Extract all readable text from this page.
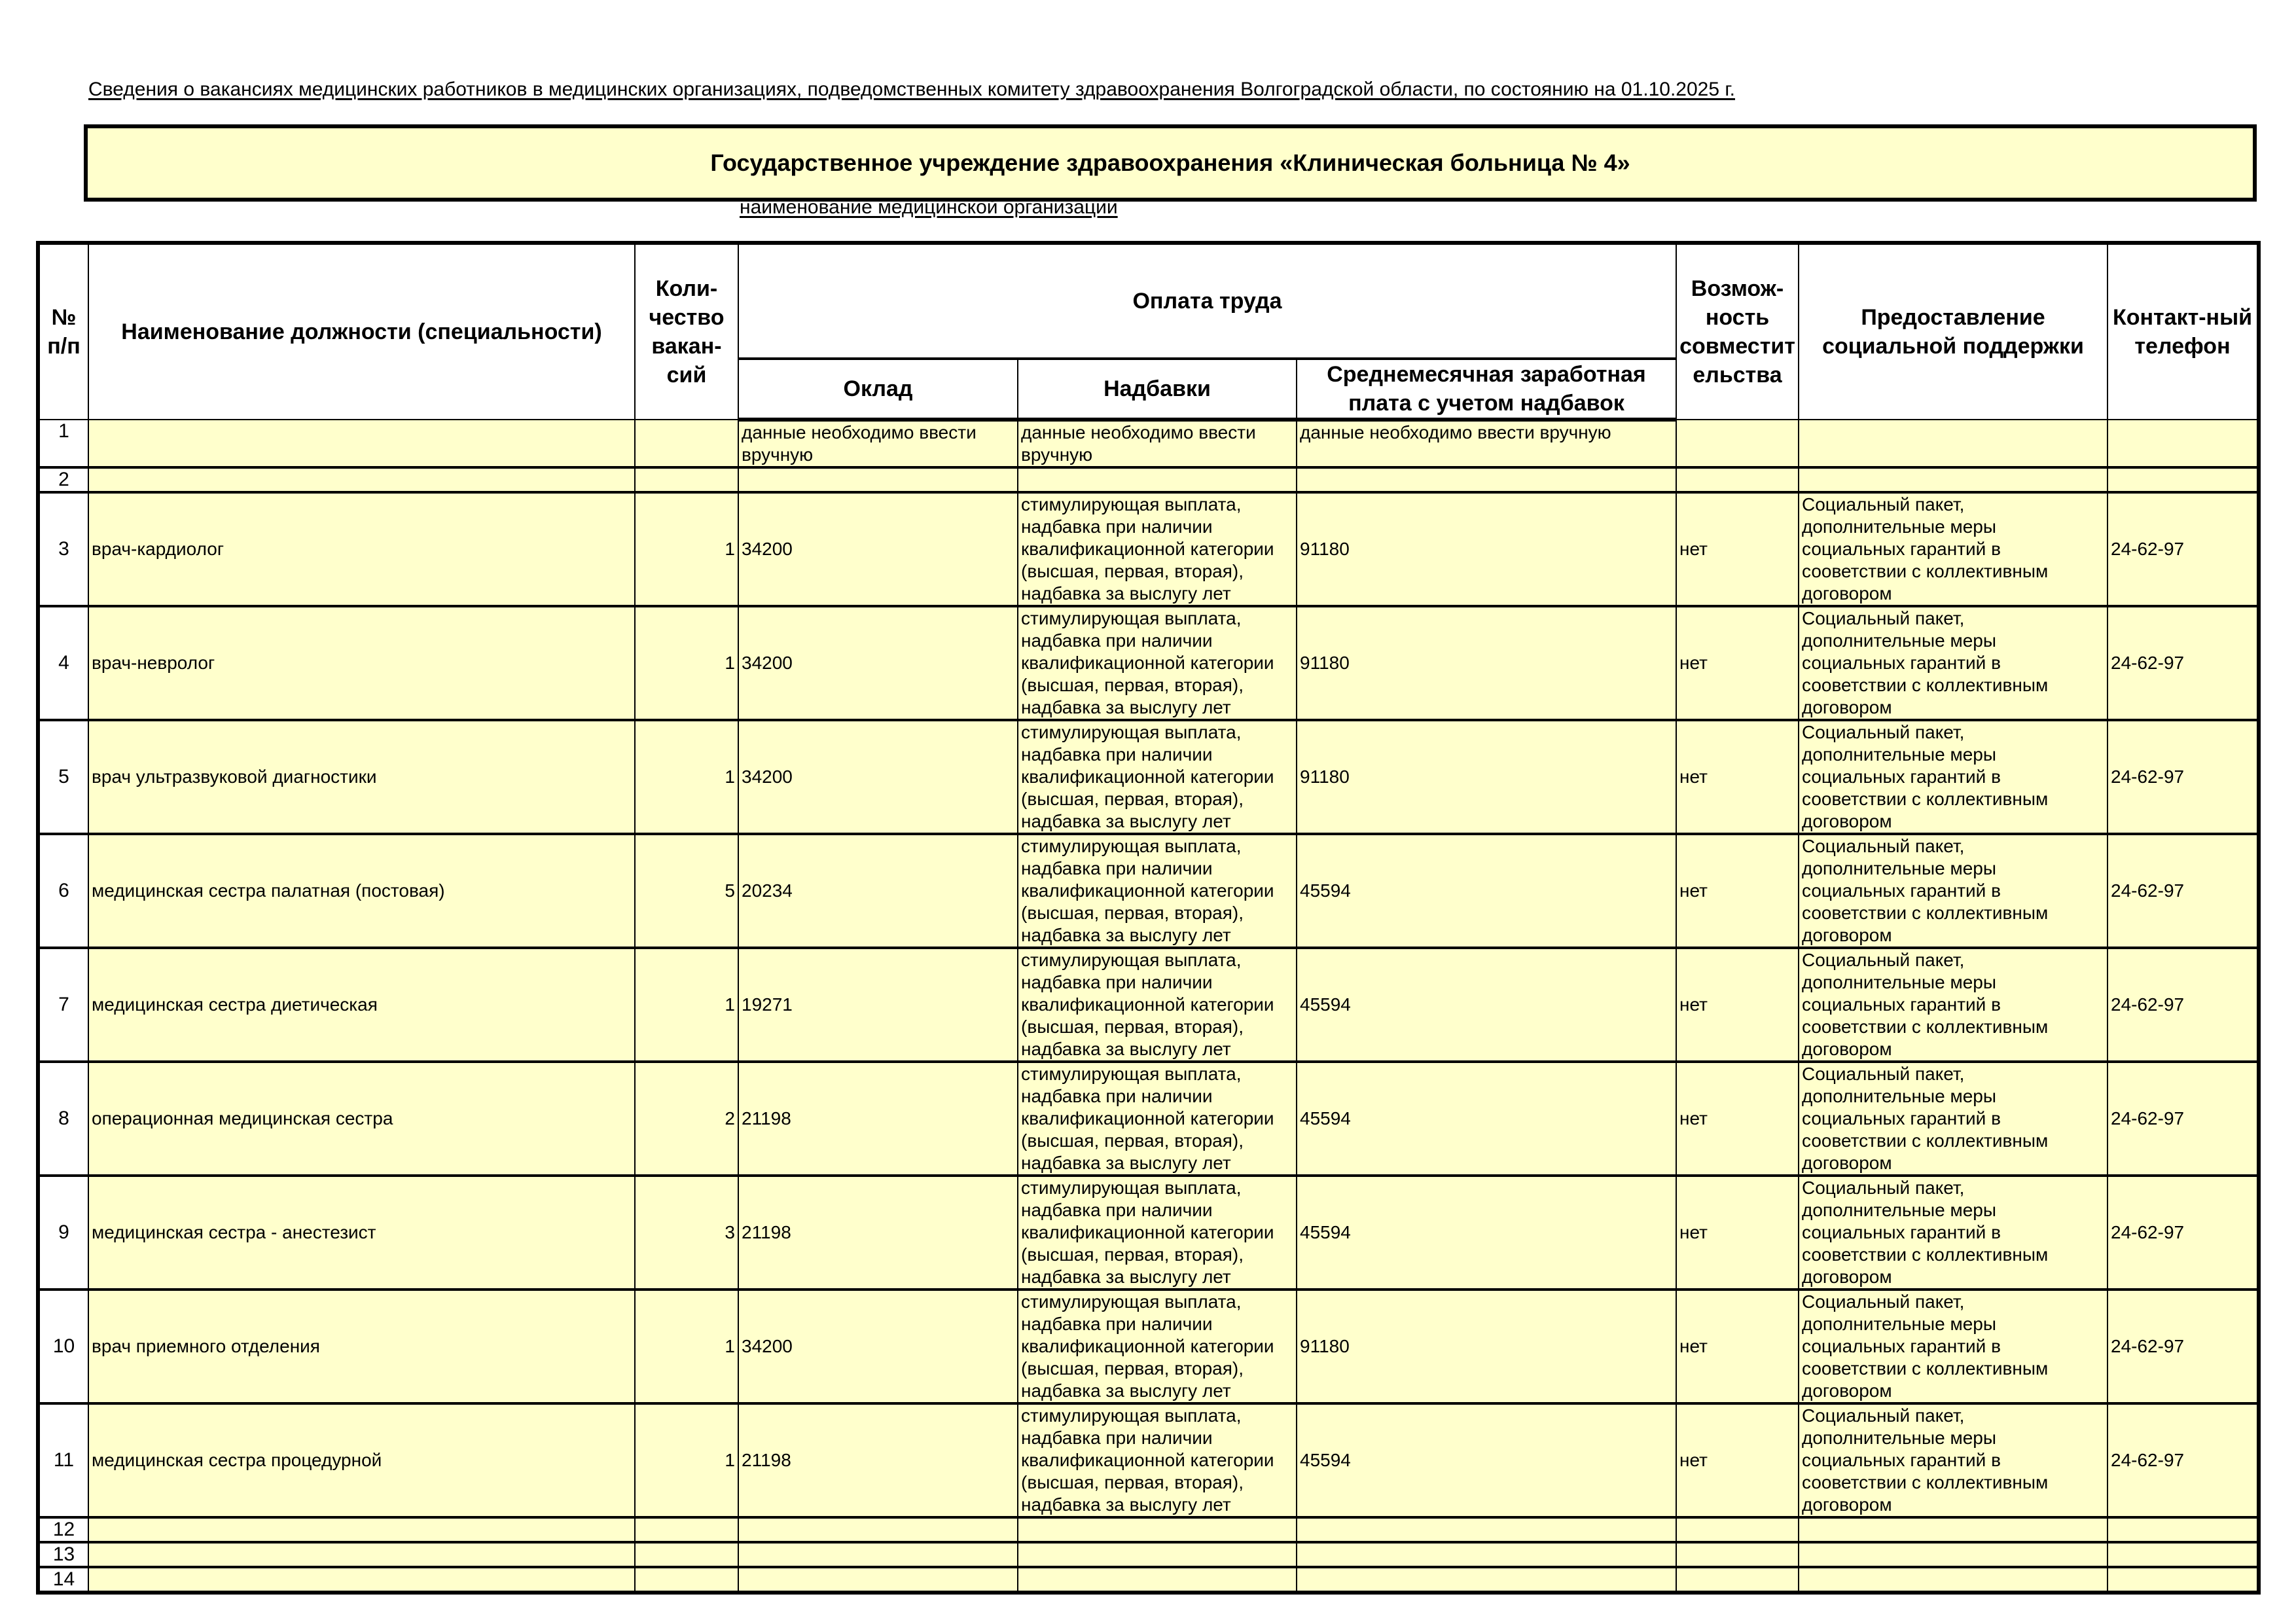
Сведения о вакансиях медицинских работников в медицинских организациях, подведомственных комитету здравоохранения Волгоградской области, по состоянию на 01.10.2025 г.
Государственное учреждение здравоохранения «Клиническая больница № 4»
наименование медицинской организации
№ п/п	Наименование должности (специальности)	Коли-чество вакан-сий	Оплата труда			Возмож-ность совместит ельства	Предоставление социальной поддержки	Контакт-ный телефон
			Оклад	Надбавки	Среднемесячная заработная плата с учетом надбавок			
1			данные необходимо ввести вручную	данные необходимо ввести вручную	данные необходимо ввести вручную			
2								
3	врач-кардиолог	1	34200	стимулирующая выплата, надбавка при наличии квалификационной категории (высшая, первая, вторая), надбавка за выслугу лет	91180	нет	Социальный пакет, дополнительные меры социальных гарантий в сооветствии с коллективным договором	24-62-97
4	врач-невролог	1	34200	стимулирующая выплата, надбавка при наличии квалификационной категории (высшая, первая, вторая), надбавка за выслугу лет	91180	нет	Социальный пакет, дополнительные меры социальных гарантий в сооветствии с коллективным договором	24-62-97
5	врач ультразвуковой диагностики	1	34200	стимулирующая выплата, надбавка при наличии квалификационной категории (высшая, первая, вторая), надбавка за выслугу лет	91180	нет	Социальный пакет, дополнительные меры социальных гарантий в сооветствии с коллективным договором	24-62-97
6	медицинская сестра палатная (постовая)	5	20234	стимулирующая выплата, надбавка при наличии квалификационной категории (высшая, первая, вторая), надбавка за выслугу лет	45594	нет	Социальный пакет, дополнительные меры социальных гарантий в сооветствии с коллективным договором	24-62-97
7	медицинская сестра диетическая	1	19271	стимулирующая выплата, надбавка при наличии квалификационной категории (высшая, первая, вторая), надбавка за выслугу лет	45594	нет	Социальный пакет, дополнительные меры социальных гарантий в сооветствии с коллективным договором	24-62-97
8	операционная медицинская сестра	2	21198	стимулирующая выплата, надбавка при наличии квалификационной категории (высшая, первая, вторая), надбавка за выслугу лет	45594	нет	Социальный пакет, дополнительные меры социальных гарантий в сооветствии с коллективным договором	24-62-97
9	медицинская сестра - анестезист	3	21198	стимулирующая выплата, надбавка при наличии квалификационной категории (высшая, первая, вторая), надбавка за выслугу лет	45594	нет	Социальный пакет, дополнительные меры социальных гарантий в сооветствии с коллективным договором	24-62-97
10	врач приемного отделения	1	34200	стимулирующая выплата, надбавка при наличии квалификационной категории (высшая, первая, вторая), надбавка за выслугу лет	91180	нет	Социальный пакет, дополнительные меры социальных гарантий в сооветствии с коллективным договором	24-62-97
11	медицинская сестра процедурной	1	21198	стимулирующая выплата, надбавка при наличии квалификационной категории (высшая, первая, вторая), надбавка за выслугу лет	45594	нет	Социальный пакет, дополнительные меры социальных гарантий в сооветствии с коллективным договором	24-62-97
12								
13								
14								
